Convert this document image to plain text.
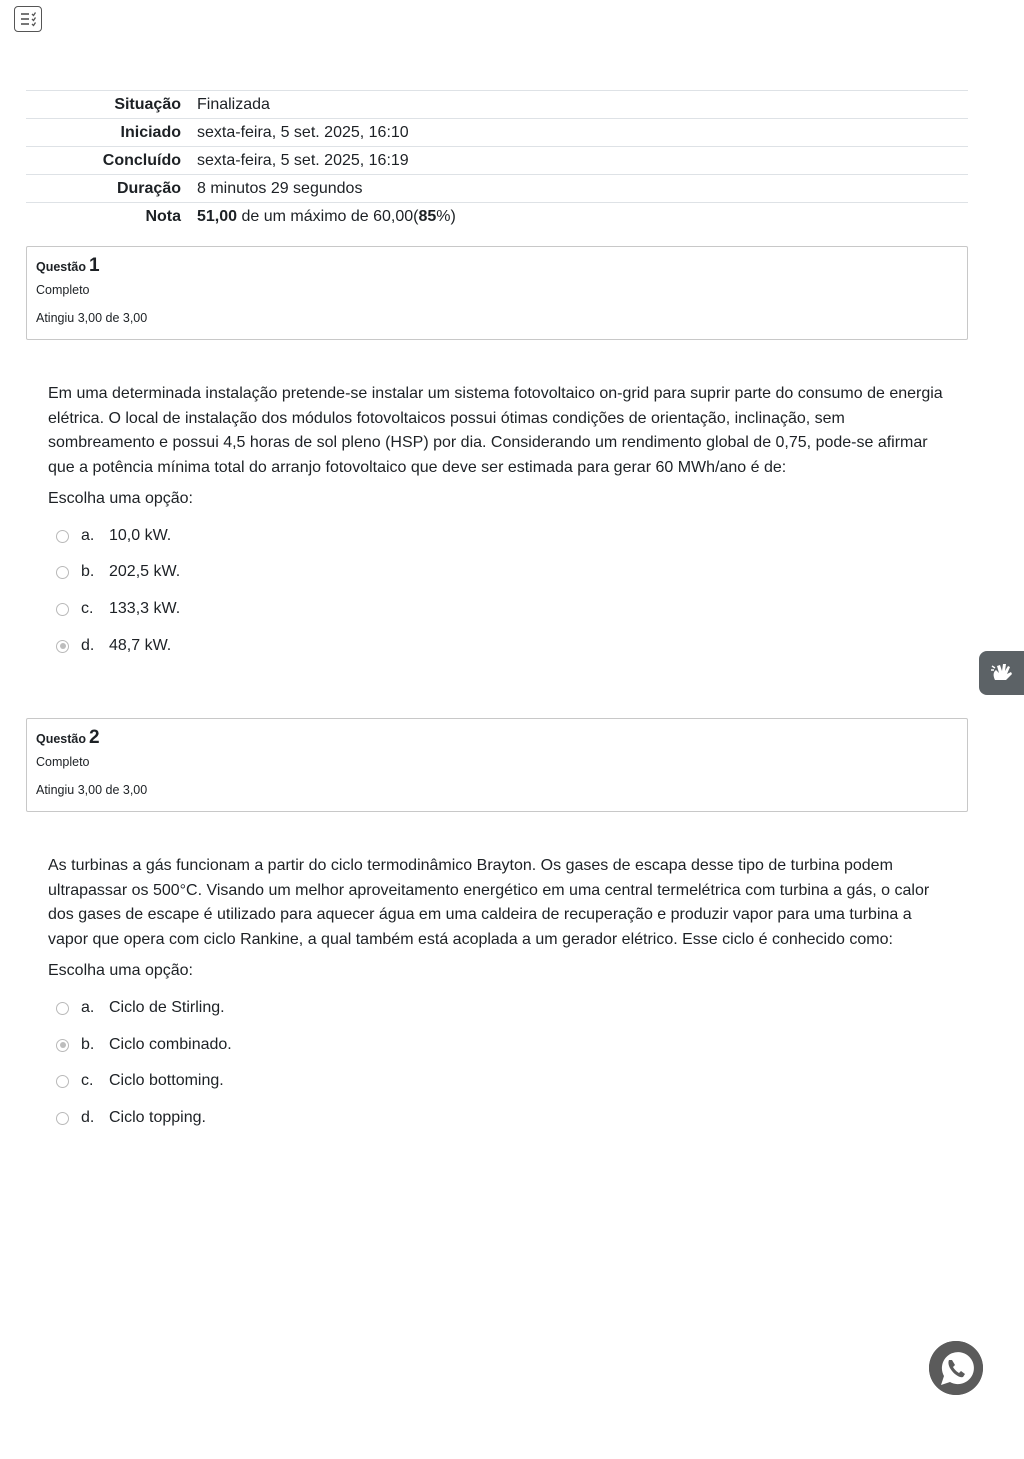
Situação	Finalizada
Iniciado	sexta-feira, 5 set. 2025, 16:10
Concluído	sexta-feira, 5 set. 2025, 16:19
Duração	8 minutos 29 segundos
Nota	51,00 de um máximo de 60,00(85%)
Questão 1
Completo
Atingiu 3,00 de 3,00
Em uma determinada instalação pretende-se instalar um sistema fotovoltaico on-grid para suprir parte do consumo de energia elétrica. O local de instalação dos módulos fotovoltaicos possui ótimas condições de orientação, inclinação, sem sombreamento e possui 4,5 horas de sol pleno (HSP) por dia. Considerando um rendimento global de 0,75, pode-se afirmar que a potência mínima total do arranjo fotovoltaico que deve ser estimada para gerar 60 MWh/ano é de:
Escolha uma opção:
a. 10,0 kW.
b. 202,5 kW.
c. 133,3 kW.
d. 48,7 kW.
Questão 2
Completo
Atingiu 3,00 de 3,00
As turbinas a gás funcionam a partir do ciclo termodinâmico Brayton. Os gases de escapa desse tipo de turbina podem ultrapassar os 500°C. Visando um melhor aproveitamento energético em uma central termelétrica com turbina a gás, o calor dos gases de escape é utilizado para aquecer água em uma caldeira de recuperação e produzir vapor para uma turbina a vapor que opera com ciclo Rankine, a qual também está acoplada a um gerador elétrico. Esse ciclo é conhecido como:
Escolha uma opção:
a. Ciclo de Stirling.
b. Ciclo combinado.
c. Ciclo bottoming.
d. Ciclo topping.
